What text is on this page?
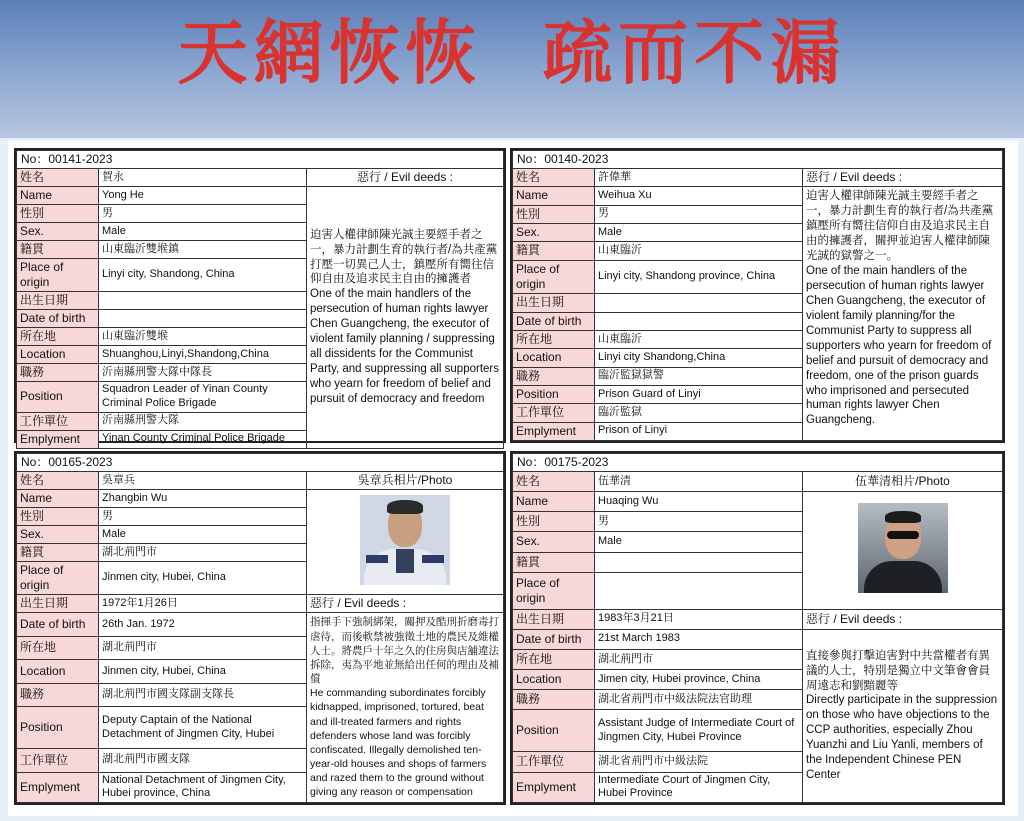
天網恢恢  疏而不漏
No：00141-2023		
姓名	賀永	惡行 / Evil deeds :
Name	Yong He	迫害人權律師陳光誠主要經手者之一，暴力計劃生育的執行者/為共產黨打壓一切異己人士，鎮壓所有嚮往信仰自由及追求民主自由的擁護者
One of the main handlers of the persecution of human rights lawyer Chen Guangcheng, the executor of violent family planning / suppressing all dissidents for the Communist Party, and suppressing all supporters who yearn for freedom of belief and pursuit of democracy and freedom

性別	男	
Sex.	Male	
籍貫	山東臨沂雙堠鎮	
Place of origin	Linyi city, Shandong, China	
出生日期		
Date of birth		
所在地	山東臨沂雙堠	
Location	Shuanghou,Linyi,Shandong,China	
職務	沂南縣刑警大隊中隊長	
Position	Squadron Leader of Yinan County Criminal Police Brigade	
工作單位	沂南縣刑警大隊	
Emplyment	Yinan County Criminal Police Brigade	
No：00140-2023		
姓名	許偉華	惡行 / Evil deeds :
Name	Weihua Xu	迫害人權律師陳光誠主要經手者之一，暴力計劃生育的執行者/為共產黨鎮壓所有嚮往信仰自由及追求民主自由的擁護者，關押並迫害人權律師陳光誠的獄警之一。
One of the main handlers of the persecution of human rights lawyer Chen Guangcheng, the executor of violent family planning/for the Communist Party to suppress all supporters who yearn for freedom of belief and pursuit of democracy and freedom, one of the prison guards who imprisoned and persecuted human rights lawyer Chen Guangcheng.

性別	男	
Sex.	Male	
籍貫	山東臨沂	
Place of origin	Linyi city, Shandong province, China	
出生日期		
Date of birth		
所在地	山東臨沂	
Location	Linyi city Shandong,China	
職務	臨沂監獄獄警	
Position	Prison Guard of Linyi	
工作單位	臨沂監獄	
Emplyment	Prison of Linyi	
No：00165-2023		
姓名	吳章兵	吳章兵相片/Photo
Name	Zhangbin Wu	

性別	男	
Sex.	Male	
籍貫	湖北荊門市	
Place of origin	Jinmen city, Hubei, China	
出生日期	1972年1月26日	惡行 / Evil deeds :
Date of birth	26th Jan. 1972	指揮手下強制綁架，關押及酷刑折磨毒打虐待，而後軟禁被強徵土地的農民及維權人士。將農戶十年之久的住房與店舖違法拆除，夷為平地並無給出任何的理由及補償
He commanding subordinates forcibly kidnapped, imprisoned, tortured, beat and ill-treated farmers and rights defenders whose land was forcibly confiscated. Illegally demolished ten-year-old houses and shops of farmers and razed them to the ground without giving any reason or compensation

所在地	湖北荊門市	
Location	Jinmen city, Hubei, China	
職務	湖北荊門市國支隊副支隊長	
Position	Deputy Captain of the National Detachment of Jingmen City, Hubei	
工作單位	湖北荊門市國支隊	
Emplyment	National Detachment of Jingmen City, Hubei province, China	
No：00175-2023		
姓名	伍華清	伍華清相片/Photo
Name	Huaqing Wu	

性別	男	
Sex.	Male	
籍貫		
Place of origin		
出生日期	1983年3月21日	惡行 / Evil deeds :
Date of birth	21st March 1983	直接參與打擊迫害對中共當權者有異議的人士，特別是獨立中文筆會會員周遠志和劉黯麗等
Directly participate in the suppression on those who have objections to the CCP authorities, especially Zhou Yuanzhi and Liu Yanli, members of the Independent Chinese PEN Center

所在地	湖北荊門市	
Location	Jimen city, Hubei province, China	
職務	湖北省荊門市中級法院法官助理	
Position	Assistant Judge of Intermediate Court of Jingmen City, Hubei Province	
工作單位	湖北省荊門市中級法院	
Emplyment	Intermediate Court of Jingmen City, Hubei Province	
